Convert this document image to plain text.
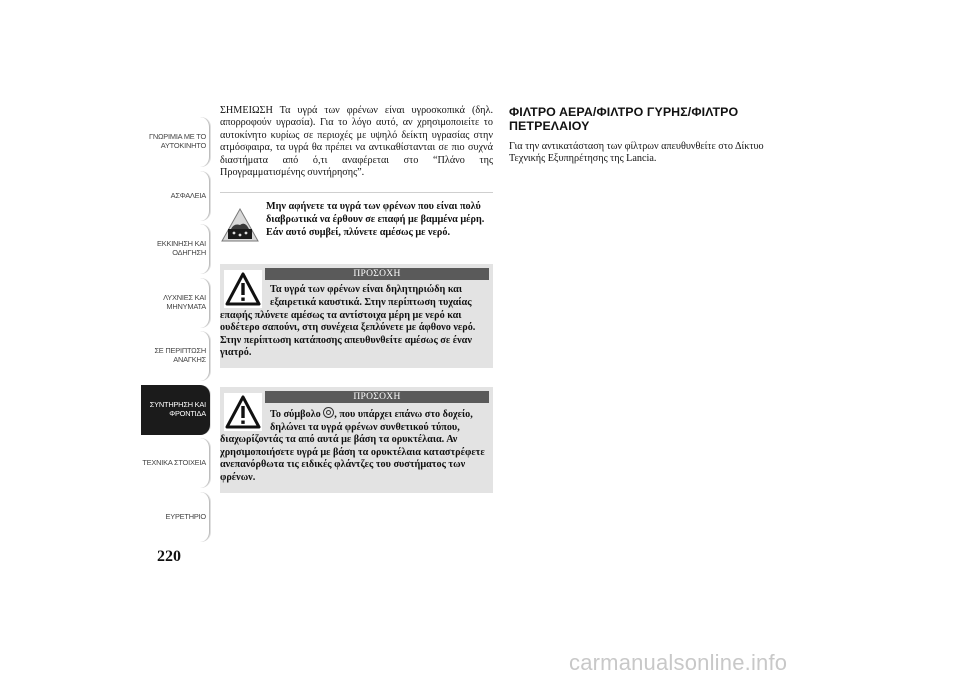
ΓΝΩΡΙΜΙΑ ΜΕ ΤΟ
ΑΥΤΟΚΙΝΗΤΟ
ΑΣΦΑΛΕΙΑ
ΕΚΚΙΝΗΣΗ ΚΑΙ
ΟΔΗΓΗΣΗ
ΛΥΧΝΙΕΣ ΚΑΙ
ΜΗΝΥΜΑΤΑ
ΣΕ ΠΕΡΙΠΤΩΣΗ
ΑΝΑΓΚΗΣ
ΣΥΝΤΗΡΗΣΗ ΚΑΙ
ΦΡΟΝΤΙΔΑ
ΤΕΧΝΙΚΑ ΣΤΟΙΧΕΙΑ
ΕΥΡΕΤΗΡΙΟ
220

ΣΗΜΕΙΩΣΗ Τα υγρά των φρένων είναι υγροσκοπικά (δηλ. απορροφούν υγρασία). Για το λόγο αυτό, αν χρησιμοποιείτε το αυτοκίνητο κυρίως σε περιοχές με υψηλό δείκτη υγρασίας στην ατμόσφαιρα, τα υγρά θα πρέπει να αντικαθίστανται σε πιο συχνά διαστήματα από ό,τι αναφέρεται στο “Πλάνο της Προγραμματισμένης συντήρησης”.

Μην αφήνετε τα υγρά των φρένων που είναι πολύ διαβρωτικά να έρθουν σε επαφή με βαμμένα μέρη. Εάν αυτό συμβεί, πλύνετε αμέσως με νερό.
ΠΡΟΣΟΧΗ
Τα υγρά των φρένων είναι δηλητηριώδη και εξαιρετικά καυστικά. Στην περίπτωση τυχαίας επαφής πλύνετε αμέσως τα αντίστοιχα μέρη με νερό και ουδέτερο σαπούνι, στη συνέχεια ξεπλύνετε με άφθονο νερό. Στην περίπτωση κατάποσης απευθυνθείτε αμέσως σε έναν γιατρό.
ΠΡΟΣΟΧΗ
Το σύμβολο , που υπάρχει επάνω στο δοχείο, δηλώνει τα υγρά φρένων συνθετικού τύπου, διαχωρίζοντάς τα από αυτά με βάση τα ορυκτέλαια. Αν χρησιμοποιήσετε υγρά με βάση τα ορυκτέλαια καταστρέφετε ανεπανόρθωτα τις ειδικές φλάντζες του συστήματος των φρένων.
ΦΙΛΤΡΟ ΑΕΡΑ/ΦΙΛΤΡΟ ΓΥΡΗΣ/ΦΙΛΤΡΟ ΠΕΤΡΕΛΑΙΟΥ

Για την αντικατάσταση των φίλτρων απευθυνθείτε στο Δίκτυο Τεχνικής Εξυπηρέτησης της Lancia.

carmanualsonline.info
